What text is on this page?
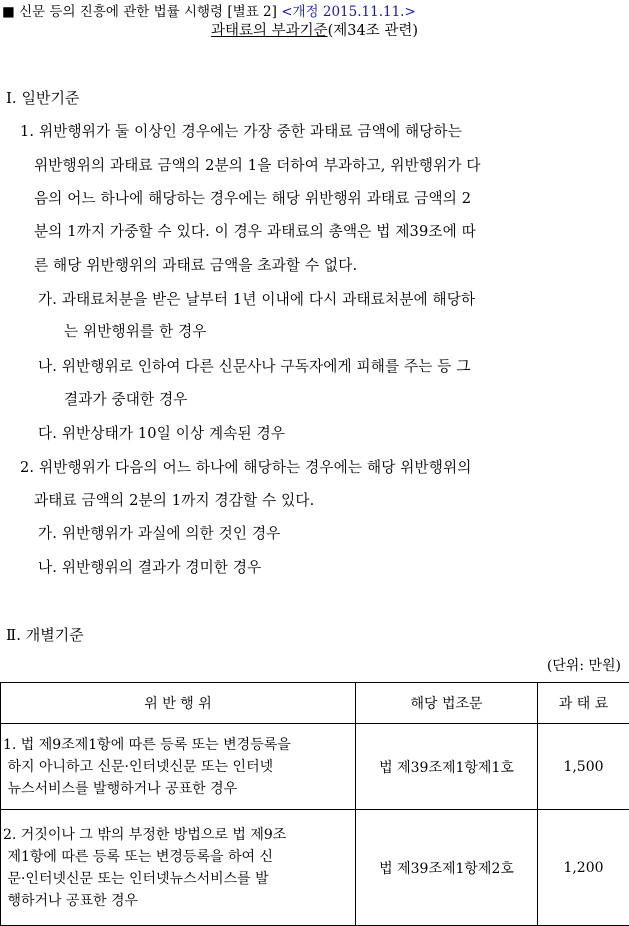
■ 신문 등의 진흥에 관한 법률 시행령 [별표 2] <개정 2015.11.11.>
과태료의 부과기준(제34조 관련)
Ⅰ. 일반기준
1. 위반행위가 둘 이상인 경우에는 가장 중한 과태료 금액에 해당하는
위반행위의 과태료 금액의 2분의 1을 더하여 부과하고, 위반행위가 다
음의 어느 하나에 해당하는 경우에는 해당 위반행위 과태료 금액의 2
분의 1까지 가중할 수 있다. 이 경우 과태료의 총액은 법 제39조에 따
른 해당 위반행위의 과태료 금액을 초과할 수 없다.
가. 과태료처분을 받은 날부터 1년 이내에 다시 과태료처분에 해당하
는 위반행위를 한 경우
나. 위반행위로 인하여 다른 신문사나 구독자에게 피해를 주는 등 그
결과가 중대한 경우
다. 위반상태가 10일 이상 계속된 경우
2. 위반행위가 다음의 어느 하나에 해당하는 경우에는 해당 위반행위의
과태료 금액의 2분의 1까지 경감할 수 있다.
가. 위반행위가 과실에 의한 것인 경우
나. 위반행위의 결과가 경미한 경우
Ⅱ. 개별기준
(단위: 만원)
위 반 행 위	해당 법조문	과 태 료
1. 법 제9조제1항에 따른 등록 또는 변경등록을
하지 아니하고 신문·인터넷신문 또는 인터넷
뉴스서비스를 발행하거나 공표한 경우	법 제39조제1항제1호	1,500
2. 거짓이나 그 밖의 부정한 방법으로 법 제9조
제1항에 따른 등록 또는 변경등록을 하여 신
문·인터넷신문 또는 인터넷뉴스서비스를 발
행하거나 공표한 경우	법 제39조제1항제2호	1,200
